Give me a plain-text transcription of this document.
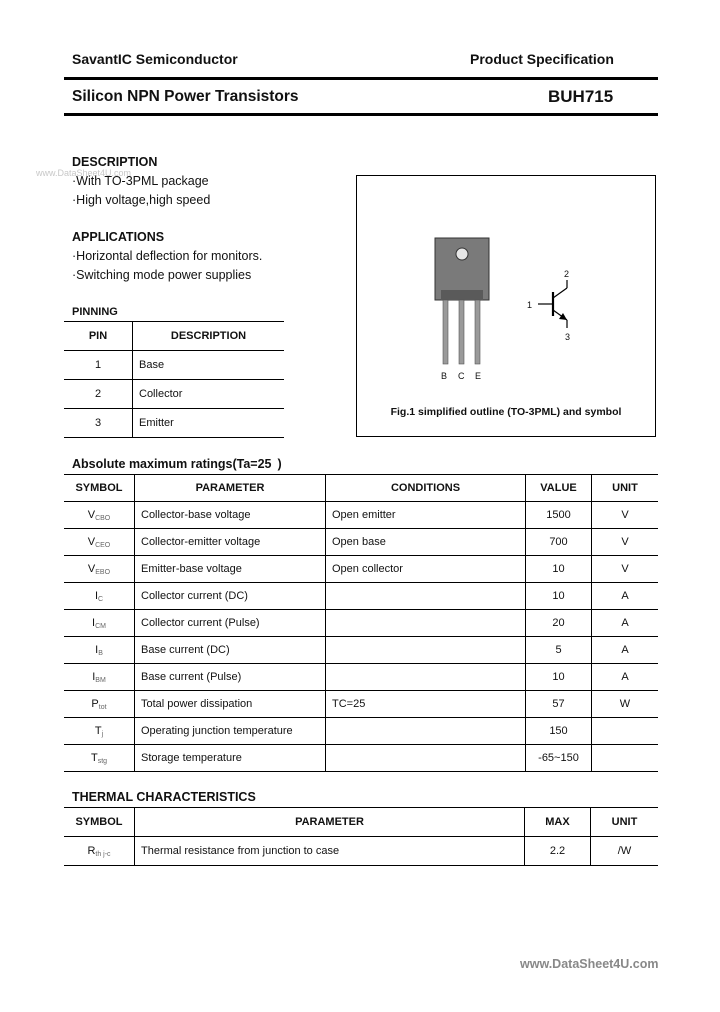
SavantIC Semiconductor	Product Specification
Silicon NPN Power Transistors	BUH715
www.DataSheet4U.com
DESCRIPTION
·With TO-3PML package
·High voltage,high speed
APPLICATIONS
·Horizontal deflection for monitors.
·Switching mode power supplies
B C E
1
2
3
Fig.1 simplified outline (TO-3PML) and symbol
PINNING
PIN	DESCRIPTION
1	Base
2	Collector
3	Emitter
Absolute maximum ratings(Ta=25 )
SYMBOL	PARAMETER	CONDITIONS	VALUE	UNIT
$V_{CBO}$	Collector-base voltage	Open emitter	1500	V
$V_{CEO}$	Collector-emitter voltage	Open base	700	V
$V_{EBO}$	Emitter-base voltage	Open collector	10	V
$I_C$	Collector current (DC)		10	A
$I_{CM}$	Collector current (Pulse)		20	A
$I_B$	Base current (DC)		5	A
$I_{BM}$	Base current (Pulse)		10	A
$P_{tot}$	Total power dissipation	TC=25	57	W
$T_j$	Operating junction temperature		150	
$T_{stg}$	Storage temperature		-65~150	
THERMAL CHARACTERISTICS
SYMBOL	PARAMETER	MAX	UNIT
$R_{th j-c}$	Thermal resistance from junction to case	2.2	/W
www.DataSheet4U.com
